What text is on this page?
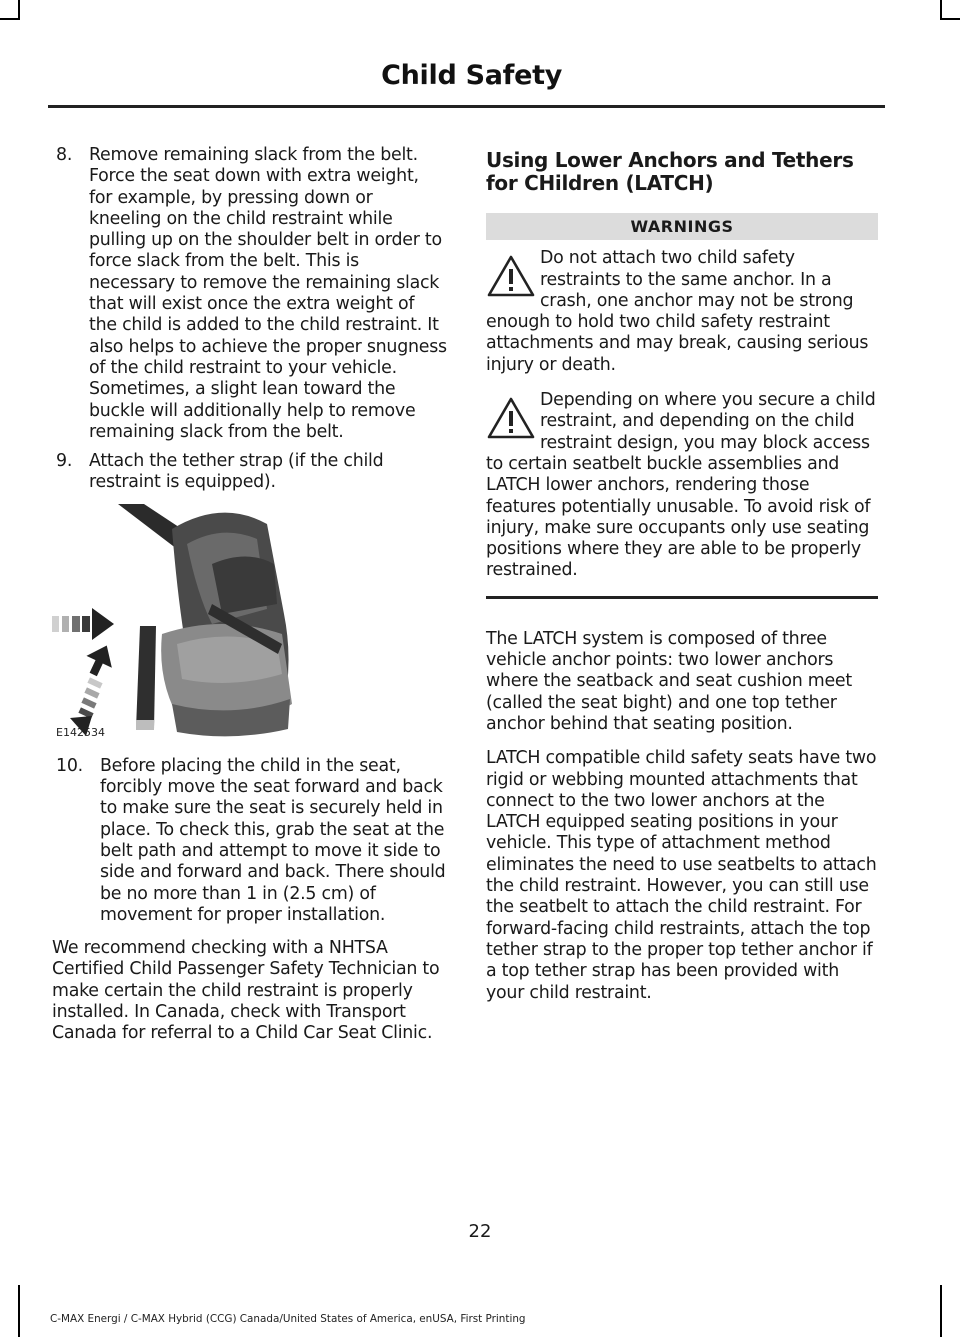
Child Safety
8. Remove remaining slack from the belt. Force the seat down with extra weight, for example, by pressing down or kneeling on the child restraint while pulling up on the shoulder belt in order to force slack from the belt. This is necessary to remove the remaining slack that will exist once the extra weight of the child is added to the child restraint. It also helps to achieve the proper snugness of the child restraint to your vehicle. Sometimes, a slight lean toward the buckle will additionally help to remove remaining slack from the belt.
9. Attach the tether strap (if the child restraint is equipped).
E142534
10. Before placing the child in the seat, forcibly move the seat forward and back to make sure the seat is securely held in place. To check this, grab the seat at the belt path and attempt to move it side to side and forward and back. There should be no more than 1 in (2.5 cm) of movement for proper installation.

We recommend checking with a NHTSA Certified Child Passenger Safety Technician to make certain the child restraint is properly installed. In Canada, check with Transport Canada for referral to a Child Car Seat Clinic.

Using Lower Anchors and Tethers for CHildren (LATCH)
WARNINGS
Do not attach two child safety restraints to the same anchor. In a crash, one anchor may not be strong enough to hold two child safety restraint attachments and may break, causing serious injury or death.
Depending on where you secure a child restraint, and depending on the child restraint design, you may block access to certain seatbelt buckle assemblies and LATCH lower anchors, rendering those features potentially unusable. To avoid risk of injury, make sure occupants only use seating positions where they are able to be properly restrained.

The LATCH system is composed of three vehicle anchor points: two lower anchors where the seatback and seat cushion meet (called the seat bight) and one top tether anchor behind that seating position.

LATCH compatible child safety seats have two rigid or webbing mounted attachments that connect to the two lower anchors at the LATCH equipped seating positions in your vehicle. This type of attachment method eliminates the need to use seatbelts to attach the child restraint. However, you can still use the seatbelt to attach the child restraint. For forward-facing child restraints, attach the top tether strap to the proper top tether anchor if a top tether strap has been provided with your child restraint.

22
C-MAX Energi / C-MAX Hybrid (CCG) Canada/United States of America, enUSA, First Printing
